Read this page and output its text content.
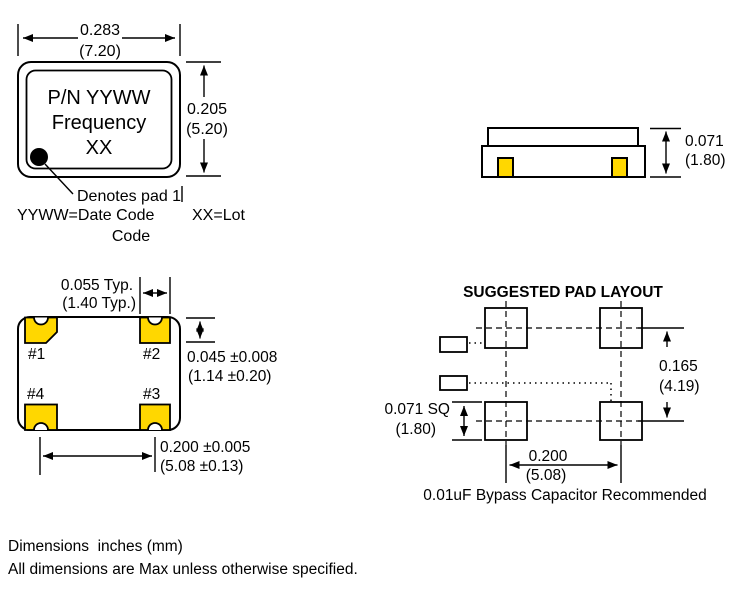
0.283
(7.20)
P/N YYWW
Frequency
XX
0.205
(5.20)
Denotes pad 1
YYWW=Date Code XX=Lot
Code
0.071
(1.80)
0.055 Typ.
(1.40 Typ.)
#1	#2
#3
#4
0.045 ±0.008
(1.14 ±0.20)
0.200 ±0.005
(5.08 ±0.13)
SUGGESTED PAD LAYOUT
0.165
(4.19)
0.071 SQ
(1.80)
0.200
(5.08)
0.01uF Bypass Capacitor Recommended
Dimensions  inches (mm)
All dimensions are Max unless otherwise specified.
